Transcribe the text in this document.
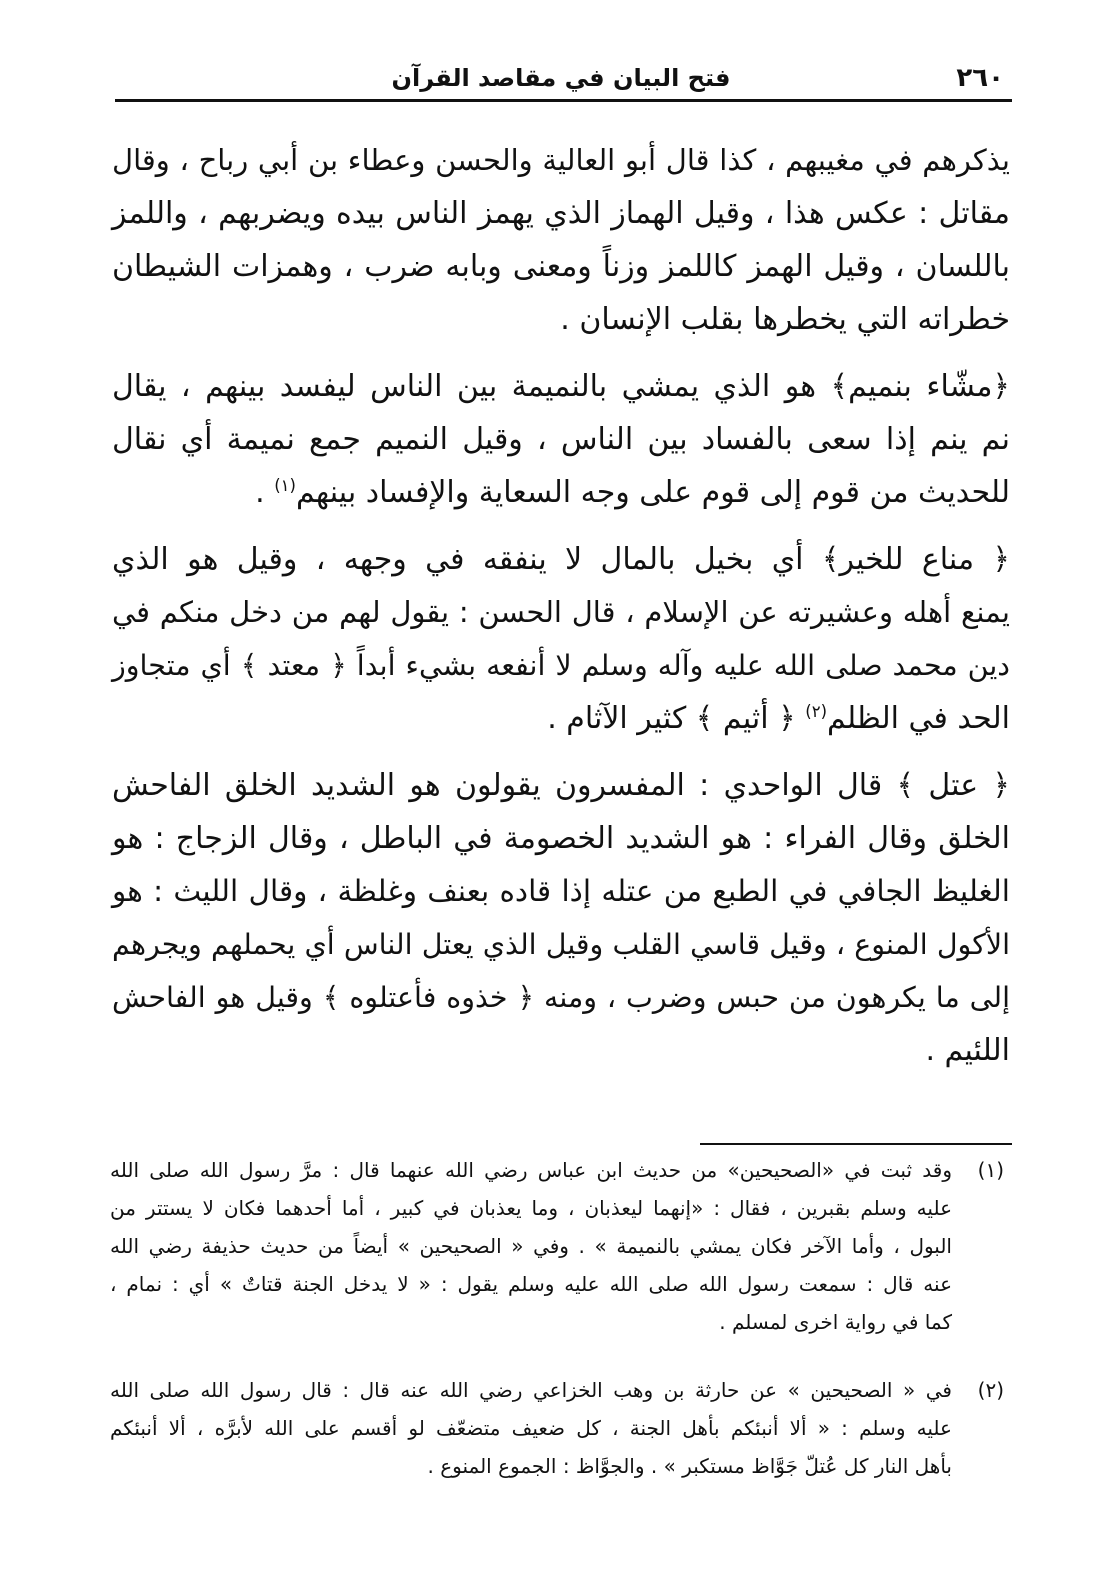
٢٦٠
فتح البيان في مقاصد القرآن
يذكرهم في مغيبهم ، كذا قال أبو العالية والحسن وعطاء بن أبي رباح ، وقال
مقاتل : عكس هذا ، وقيل الهماز الذي يهمز الناس بيده ويضربهم ، واللمز
باللسان ، وقيل الهمز كاللمز وزناً ومعنى وبابه ضرب ، وهمزات الشيطان
خطراته التي يخطرها بقلب الإنسان .
﴿مشّاء بنميم﴾ هو الذي يمشي بالنميمة بين الناس ليفسد بينهم ، يقال
نم ينم إذا سعى بالفساد بين الناس ، وقيل النميم جمع نميمة أي نقال
للحديث من قوم إلى قوم على وجه السعاية والإفساد بينهم$^{(١)}$ .
﴿ مناع للخير﴾ أي بخيل بالمال لا ينفقه في وجهه ، وقيل هو الذي
يمنع أهله وعشيرته عن الإسلام ، قال الحسن : يقول لهم من دخل منكم في
دين محمد صلى الله عليه وآله وسلم لا أنفعه بشيء أبداً ﴿ معتد ﴾ أي متجاوز
الحد في الظلم$^{(٢)}$ ﴿ أثيم ﴾ كثير الآثام .
﴿ عتل ﴾ قال الواحدي : المفسرون يقولون هو الشديد الخلق الفاحش
الخلق وقال الفراء : هو الشديد الخصومة في الباطل ، وقال الزجاج : هو
الغليظ الجافي في الطبع من عتله إذا قاده بعنف وغلظة ، وقال الليث : هو
الأكول المنوع ، وقيل قاسي القلب وقيل الذي يعتل الناس أي يحملهم ويجرهم
إلى ما يكرهون من حبس وضرب ، ومنه ﴿ خذوه فأعتلوه ﴾ وقيل هو الفاحش
اللئيم .
(١)
وقد ثبت في «الصحيحين» من حديث ابن عباس رضي الله عنهما قال : مرَّ رسول الله صلى الله
عليه وسلم بقبرين ، فقال : «إنهما ليعذبان ، وما يعذبان في كبير ، أما أحدهما فكان لا يستتر من
البول ، وأما الآخر فكان يمشي بالنميمة » . وفي « الصحيحين » أيضاً من حديث حذيفة رضي الله
عنه قال : سمعت رسول الله صلى الله عليه وسلم يقول : « لا يدخل الجنة قتاتٌ » أي : نمام ،
كما في رواية اخرى لمسلم .
(٢)
في « الصحيحين » عن حارثة بن وهب الخزاعي رضي الله عنه قال : قال رسول الله صلى الله
عليه وسلم : « ألا أنبئكم بأهل الجنة ، كل ضعيف متضعّف لو أقسم على الله لأبرَّه ، ألا أنبئكم
بأهل النار كل عُتلّ جَوَّاظ مستكبر » . والجوَّاظ : الجموع المنوع .
